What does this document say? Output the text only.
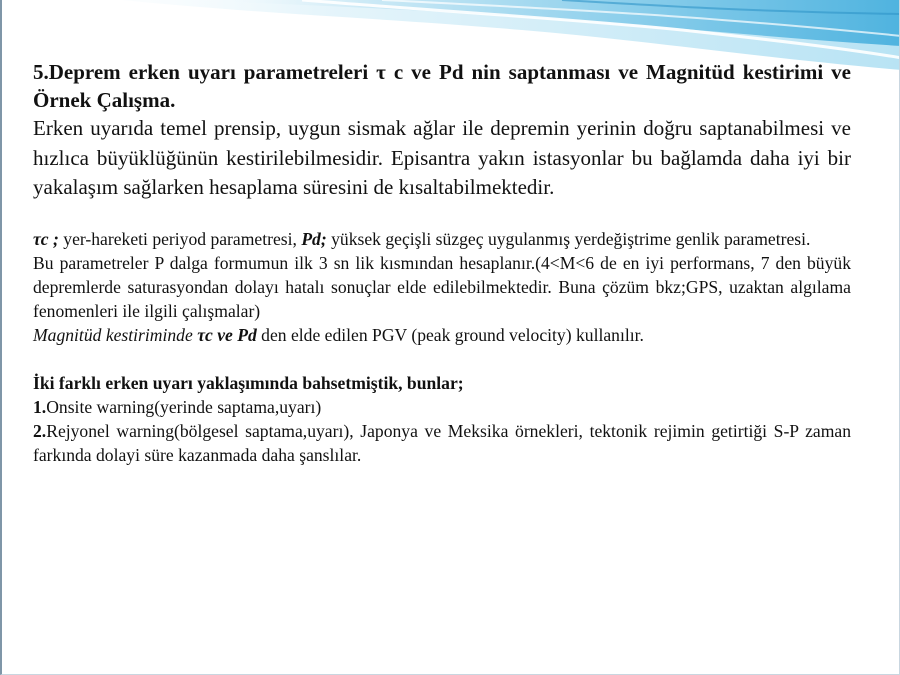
5.Deprem erken uyarı parametreleri τ c ve Pd nin saptanması ve Magnitüd kestirimi ve Örnek Çalışma.

Erken uyarıda temel prensip, uygun sismak ağlar ile depremin yerinin doğru saptanabilmesi ve hızlıca büyüklüğünün kestirilebilmesidir. Episantra yakın istasyonlar bu bağlamda daha iyi bir yakalaşım sağlarken hesaplama süresini de kısaltabilmektedir.

τc ; yer-hareketi periyod parametresi, Pd; yüksek geçişli süzgeç uygulanmış yerdeğiştrime genlik parametresi.

Bu parametreler P dalga formumun ilk 3 sn lik kısmından hesaplanır.(4<M<6 de en iyi performans, 7 den büyük depremlerde saturasyondan dolayı hatalı sonuçlar elde edilebilmektedir. Buna çözüm bkz;GPS, uzaktan algılama fenomenleri ile ilgili çalışmalar)

Magnitüd kestiriminde τc ve Pd den elde edilen PGV (peak ground velocity) kullanılır.

İki farklı erken uyarı yaklaşımında bahsetmiştik, bunlar;

1.Onsite warning(yerinde saptama,uyarı)

2.Rejyonel warning(bölgesel saptama,uyarı), Japonya ve Meksika örnekleri, tektonik rejimin getirtiği S-P zaman farkında dolayi süre kazanmada daha şanslılar.
